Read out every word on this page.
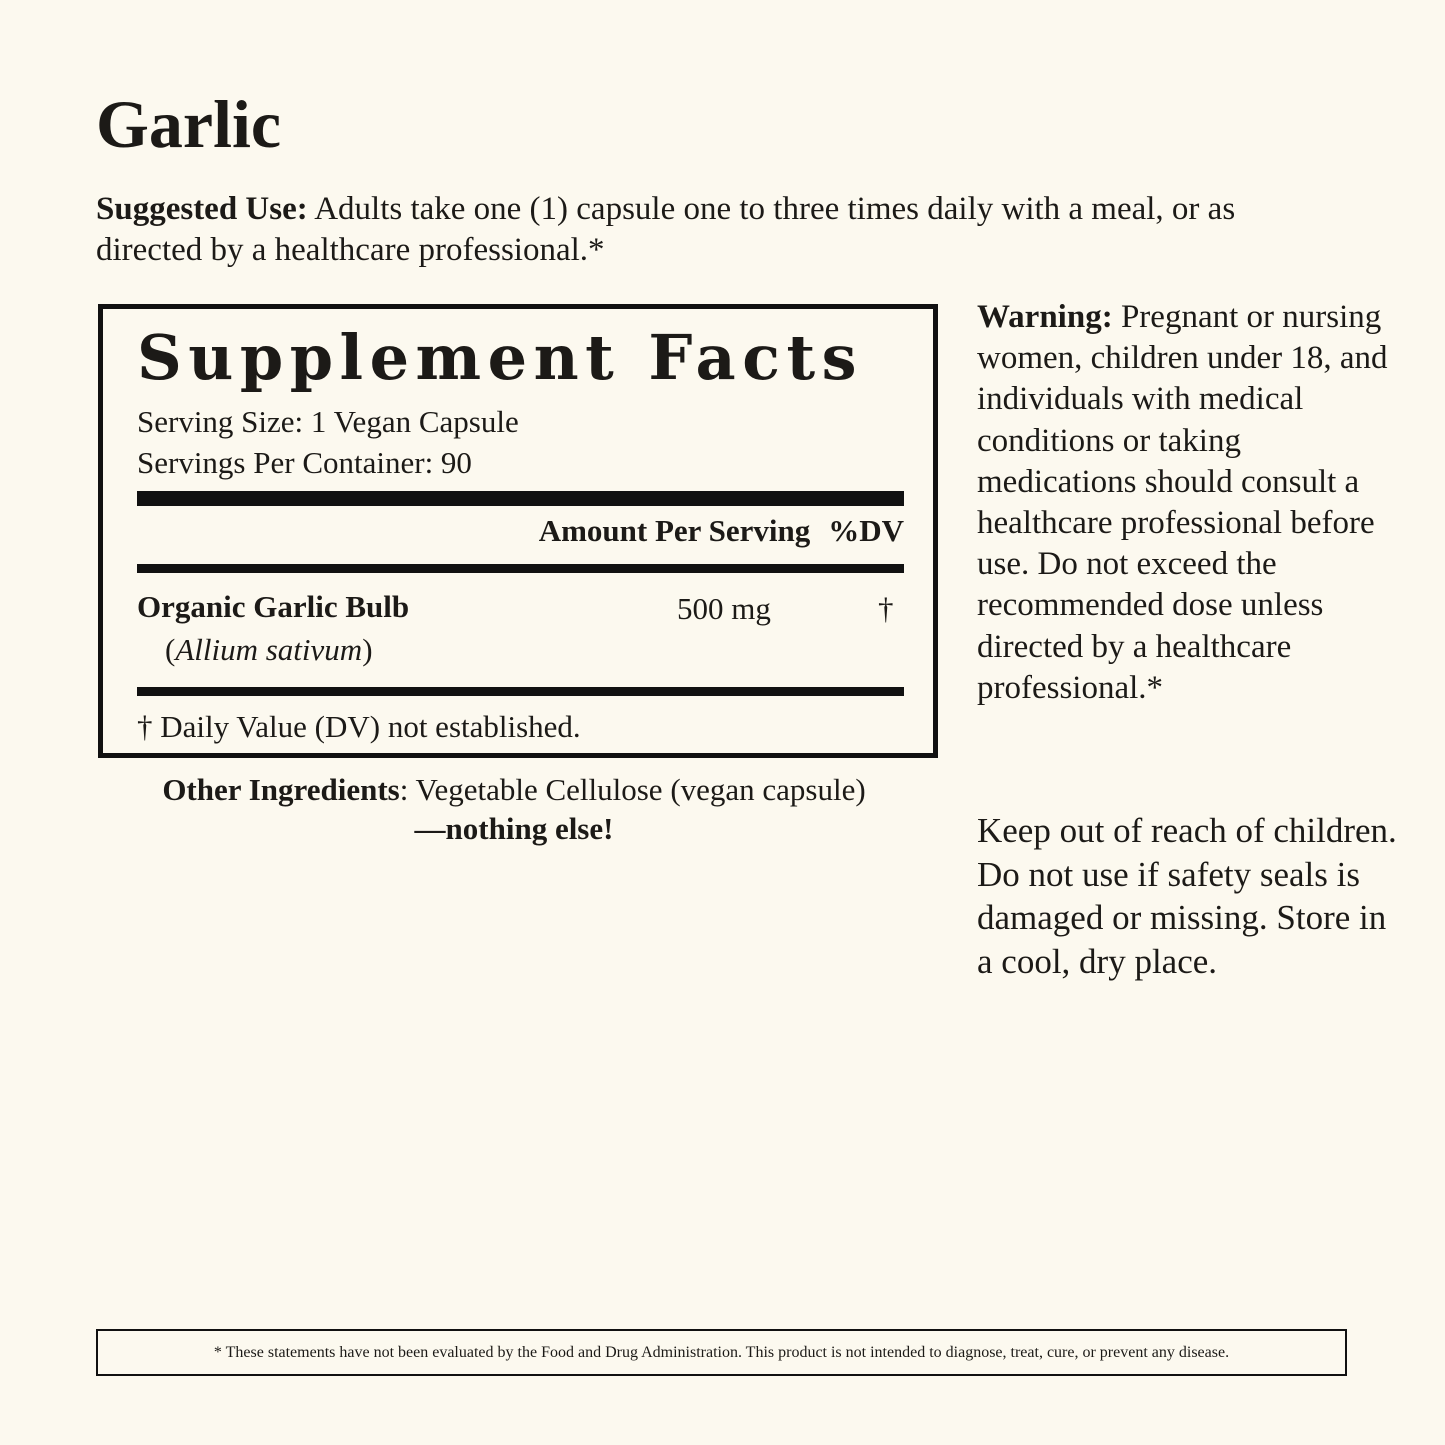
Garlic
Suggested Use: Adults take one (1) capsule one to three times daily with a meal, or as directed by a healthcare professional.*
Supplement Facts
Serving Size: 1 Vegan Capsule
Servings Per Container: 90
Amount Per Serving %DV
Organic Garlic Bulb
(Allium sativum)
500 mg	†
† Daily Value (DV) not established.
Other Ingredients: Vegetable Cellulose (vegan capsule)
—nothing else!
Warning: Pregnant or nursing women, children under 18, and individuals with medical conditions or taking medications should consult a healthcare professional before use. Do not exceed the recommended dose unless directed by a healthcare professional.*
Keep out of reach of children. Do not use if safety seals is damaged or missing. Store in a cool, dry place.
* These statements have not been evaluated by the Food and Drug Administration. This product is not intended to diagnose, treat, cure, or prevent any disease.
